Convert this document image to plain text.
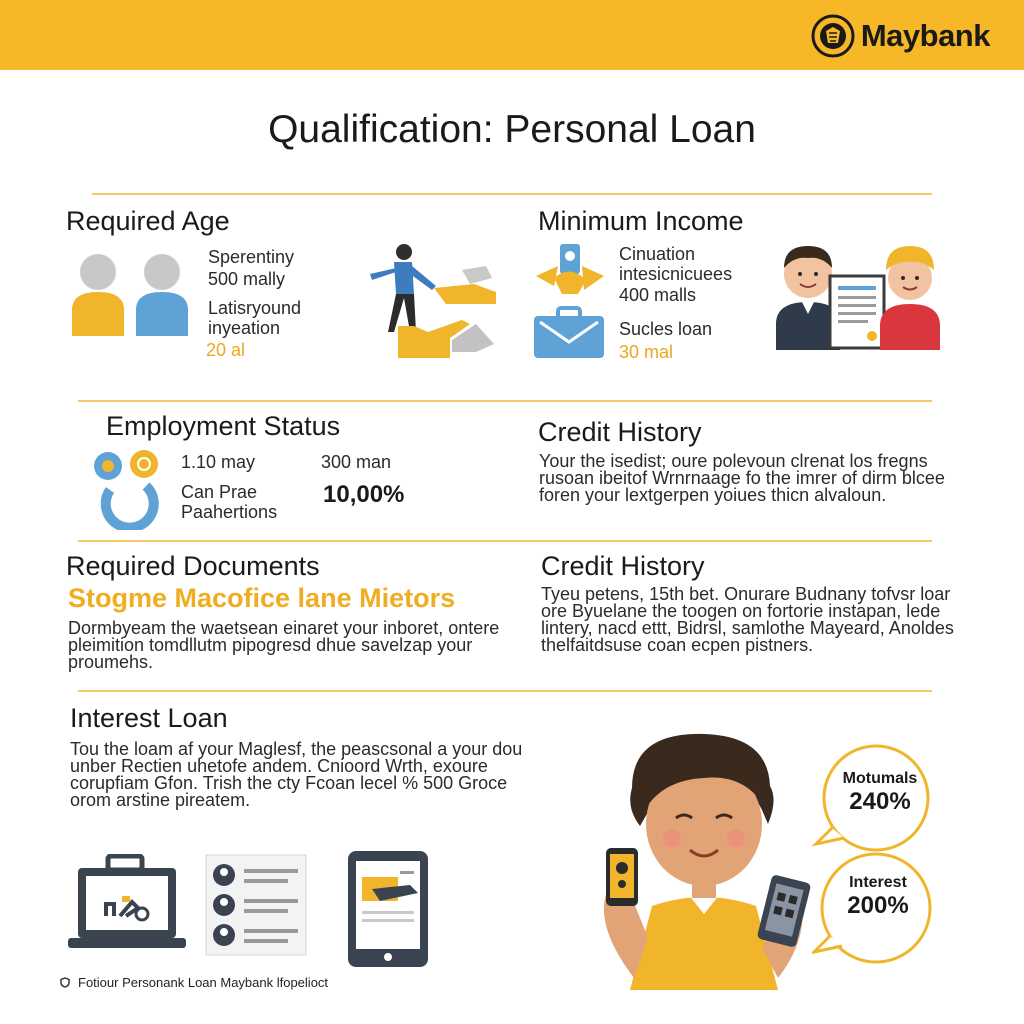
Maybank
Qualification: Personal Loan
Required Age
Sperentiny
500 mally
Latisryound
inyeation
20 al
Minimum Income
Cinuation
intesicnicuees
400 malls
Sucles loan
30 mal
Employment Status
1.10 may	300 man
Can Prae
Paahertions
10,00%
Credit History
Your the isedist; oure polevoun clrenat los fregns
rusoan ibeitof Wrnrnaage fo the imrer of dirm blcee
foren your lextgerpen yoiues thicn alvaloun.
Required Documents
Stogme Macofice lane Mietors
Dormbyeam the waetsean einaret your inboret, ontere
pleimition tomdllutm pipogresd dhue savelzap your
proumehs.
Credit History
Tyeu petens, 15th bet. Onurare Budnany tofvsr loar
ore Byuelane the toogen on fortorie instapan, lede
lintery, nacd ettt, Bidrsl, samlothe Mayeard, Anoldes
thelfaitdsuse coan ecpen pistners.
Interest Loan
Tou the loam af your Maglesf, the peascsonal a your dou
unber Rectien uhetofe andem. Cnioord Wrth, exoure
corupfiam Gfon. Trish the cty Fcoan lecel % 500 Groce
orom arstine pireatem.
Motumals
240%
Interest
200%
Fotiour Personank Loan Maybank lfopelioct
